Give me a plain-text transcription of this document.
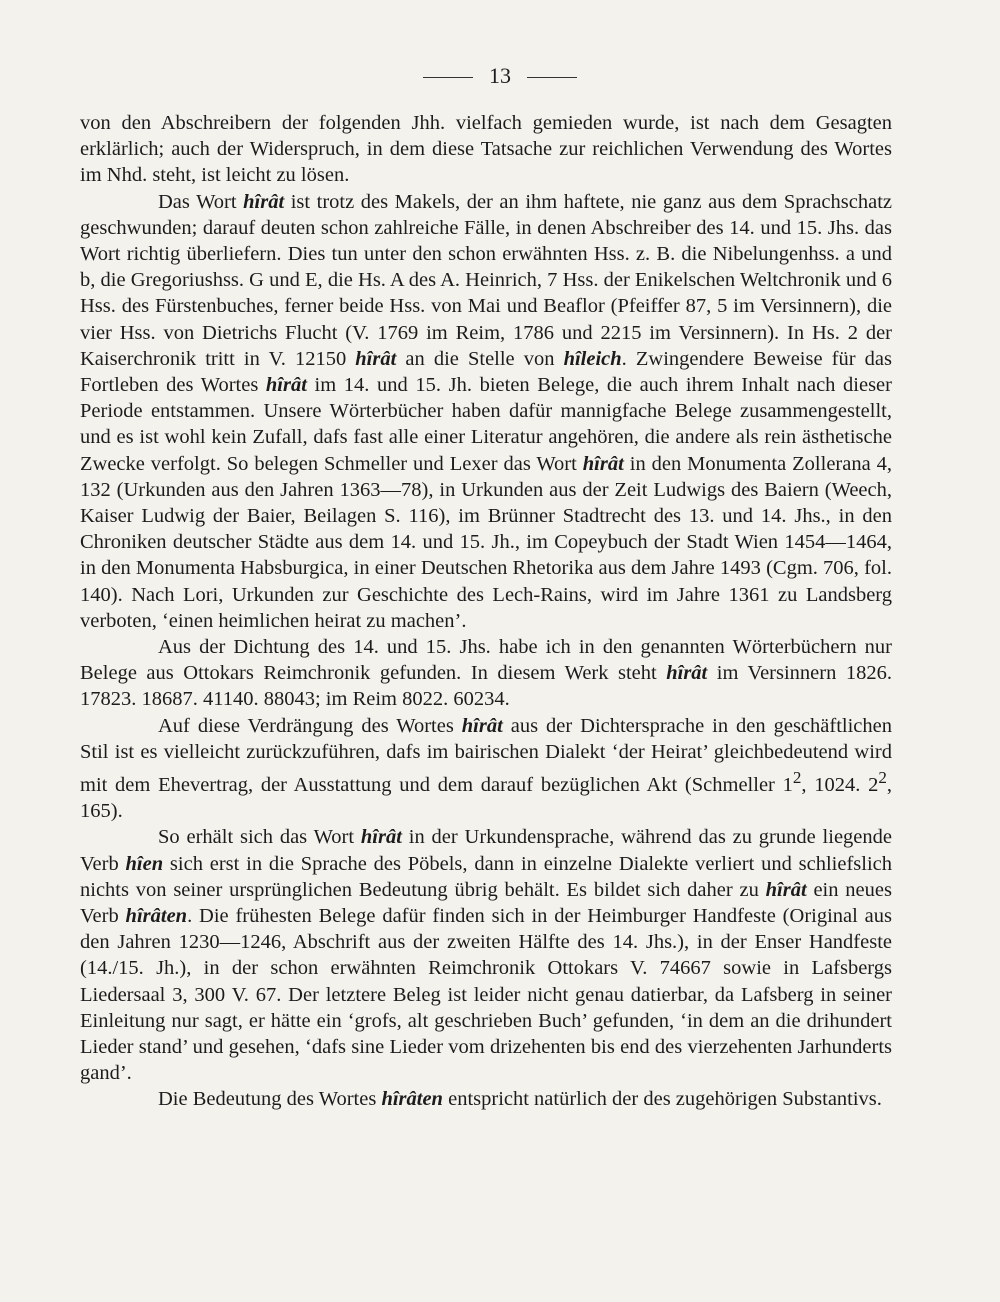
13

von den Abschreibern der folgenden Jhh. vielfach gemieden wurde, ist nach dem Gesagten erklärlich; auch der Widerspruch, in dem diese Tatsache zur reichlichen Verwendung des Wortes im Nhd. steht, ist leicht zu lösen.

Das Wort hîrât ist trotz des Makels, der an ihm haftete, nie ganz aus dem Sprachschatz geschwunden; darauf deuten schon zahlreiche Fälle, in denen Abschreiber des 14. und 15. Jhs. das Wort richtig überliefern. Dies tun unter den schon erwähnten Hss. z. B. die Nibelungenhss. a und b, die Gregoriushss. G und E, die Hs. A des A. Heinrich, 7 Hss. der Enikelschen Weltchronik und 6 Hss. des Fürstenbuches, ferner beide Hss. von Mai und Beaflor (Pfeiffer 87, 5 im Versinnern), die vier Hss. von Dietrichs Flucht (V. 1769 im Reim, 1786 und 2215 im Versinnern). In Hs. 2 der Kaiserchronik tritt in V. 12150 hîrât an die Stelle von hîleich. Zwingendere Beweise für das Fortleben des Wortes hîrât im 14. und 15. Jh. bieten Belege, die auch ihrem Inhalt nach dieser Periode entstammen. Unsere Wörterbücher haben dafür mannigfache Belege zusammengestellt, und es ist wohl kein Zufall, dafs fast alle einer Literatur angehören, die andere als rein ästhetische Zwecke verfolgt. So belegen Schmeller und Lexer das Wort hîrât in den Monumenta Zollerana 4, 132 (Urkunden aus den Jahren 1363—78), in Urkunden aus der Zeit Ludwigs des Baiern (Weech, Kaiser Ludwig der Baier, Beilagen S. 116), im Brünner Stadtrecht des 13. und 14. Jhs., in den Chroniken deutscher Städte aus dem 14. und 15. Jh., im Copeybuch der Stadt Wien 1454—1464, in den Monumenta Habsburgica, in einer Deutschen Rhetorika aus dem Jahre 1493 (Cgm. 706, fol. 140). Nach Lori, Urkunden zur Geschichte des Lech-Rains, wird im Jahre 1361 zu Landsberg verboten, ‘einen heimlichen heirat zu machen’.

Aus der Dichtung des 14. und 15. Jhs. habe ich in den genannten Wörterbüchern nur Belege aus Ottokars Reimchronik gefunden. In diesem Werk steht hîrât im Versinnern 1826. 17823. 18687. 41140. 88043; im Reim 8022. 60234.

Auf diese Verdrängung des Wortes hîrât aus der Dichtersprache in den geschäftlichen Stil ist es vielleicht zurückzuführen, dafs im bairischen Dialekt ‘der Heirat’ gleichbedeutend wird mit dem Ehevertrag, der Ausstattung und dem darauf bezüglichen Akt (Schmeller $1^2$, 1024. $2^2$, 165).

So erhält sich das Wort hîrât in der Urkundensprache, während das zu grunde liegende Verb hîen sich erst in die Sprache des Pöbels, dann in einzelne Dialekte verliert und schliefslich nichts von seiner ursprünglichen Bedeutung übrig behält. Es bildet sich daher zu hîrât ein neues Verb hîrâten. Die frühesten Belege dafür finden sich in der Heimburger Handfeste (Original aus den Jahren 1230—1246, Abschrift aus der zweiten Hälfte des 14. Jhs.), in der Enser Handfeste (14./15. Jh.), in der schon erwähnten Reimchronik Ottokars V. 74667 sowie in Lafsbergs Liedersaal 3, 300 V. 67. Der letztere Beleg ist leider nicht genau datierbar, da Lafsberg in seiner Einleitung nur sagt, er hätte ein ‘grofs, alt geschrieben Buch’ gefunden, ‘in dem an die drihundert Lieder stand’ und gesehen, ‘dafs sine Lieder vom drizehenten bis end des vierzehenten Jarhunderts gand’.

Die Bedeutung des Wortes hîrâten entspricht natürlich der des zugehörigen Substantivs.
